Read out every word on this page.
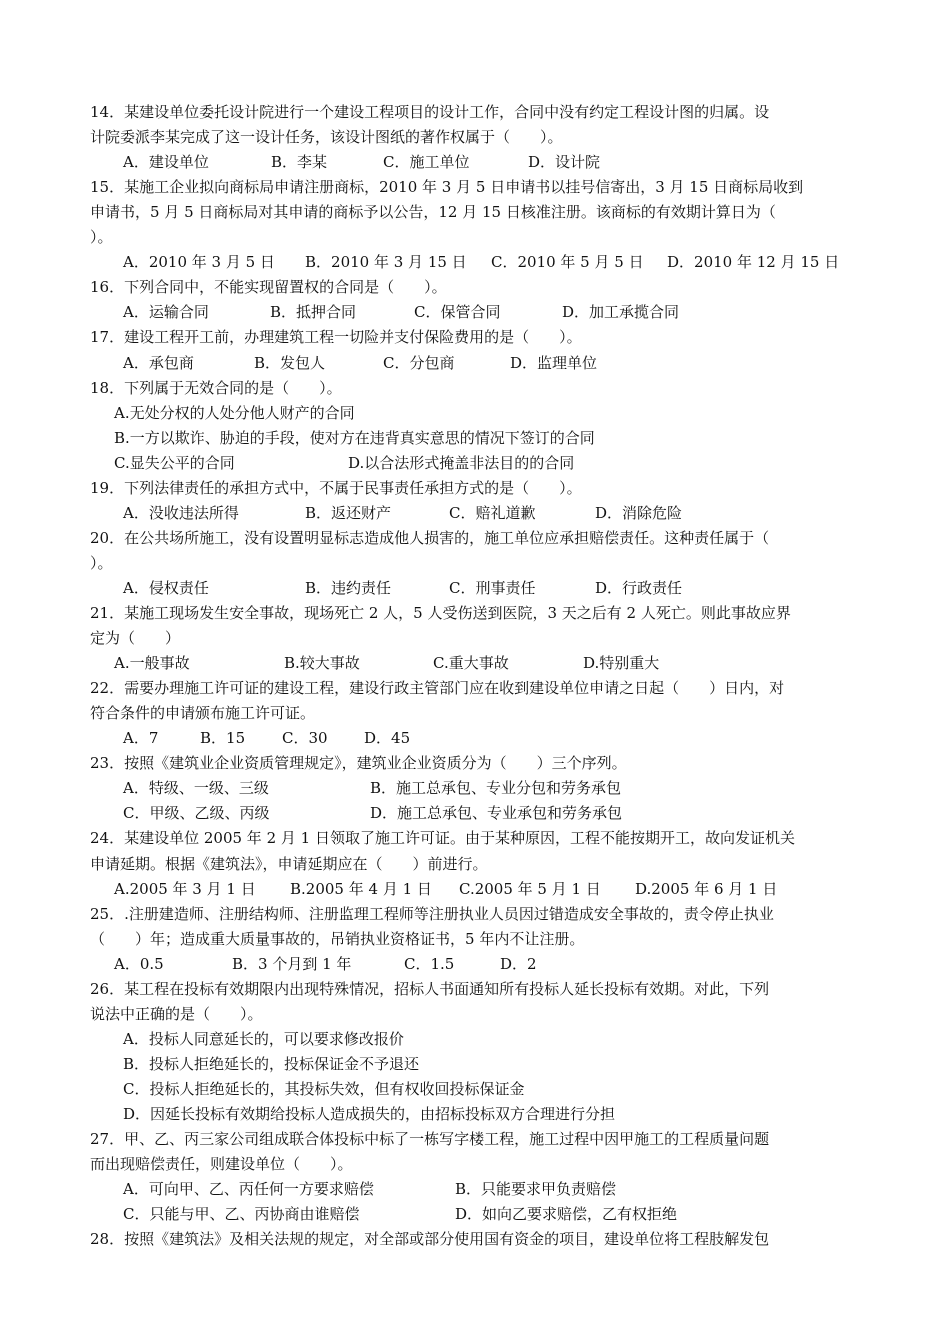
14．某建设单位委托设计院进行一个建设工程项目的设计工作，合同中没有约定工程设计图的归属。设
计院委派李某完成了这一设计任务，该设计图纸的著作权属于（　　）。
A．建设单位	B．李某	C．施工单位	D．设计院
15．某施工企业拟向商标局申请注册商标，2010 年 3 月 5 日申请书以挂号信寄出，3 月 15 日商标局收到
申请书，5 月 5 日商标局对其申请的商标予以公告，12 月 15 日核准注册。该商标的有效期计算日为（
）。
A．2010 年 3 月 5 日 B．2010 年 3 月 15 日 C．2010 年 5 月 5 日 D．2010 年 12 月 15 日
16．下列合同中，不能实现留置权的合同是（　　）。
A．运输合同	B．抵押合同	C．保管合同	D．加工承揽合同
17．建设工程开工前，办理建筑工程一切险并支付保险费用的是（　　）。
A．承包商	B．发包人	C．分包商	D．监理单位
18．下列属于无效合同的是（　　）。
A.无处分权的人处分他人财产的合同
B.一方以欺诈、胁迫的手段，使对方在违背真实意思的情况下签订的合同
C.显失公平的合同	D.以合法形式掩盖非法目的的合同
19．下列法律责任的承担方式中，不属于民事责任承担方式的是（　　）。
A．没收违法所得	B．返还财产	C．赔礼道歉	D．消除危险
20．在公共场所施工，没有设置明显标志造成他人损害的，施工单位应承担赔偿责任。这种责任属于（
）。
A．侵权责任	B．违约责任	C．刑事责任	D．行政责任
21．某施工现场发生安全事故，现场死亡 2 人，5 人受伤送到医院，3 天之后有 2 人死亡。则此事故应界
定为（　　）
A.一般事故	B.较大事故	C.重大事故	D.特别重大
22．需要办理施工许可证的建设工程，建设行政主管部门应在收到建设单位申请之日起（　　）日内，对
符合条件的申请颁布施工许可证。
A．7	B．15 C．30 D．45
23．按照《建筑业企业资质管理规定》，建筑业企业资质分为（　　）三个序列。
A．特级、一级、三级	B．施工总承包、专业分包和劳务承包
C．甲级、乙级、丙级	D．施工总承包、专业承包和劳务承包
24．某建设单位 2005 年 2 月 1 日领取了施工许可证。由于某种原因，工程不能按期开工，故向发证机关
申请延期。根据《建筑法》，申请延期应在（　　）前进行。
A.2005 年 3 月 1 日 B.2005 年 4 月 1 日 C.2005 年 5 月 1 日 D.2005 年 6 月 1 日
25．.注册建造师、注册结构师、注册监理工程师等注册执业人员因过错造成安全事故的，责令停止执业
（　　）年；造成重大质量事故的，吊销执业资格证书，5 年内不让注册。
A．0.5	B．3 个月到 1 年	C．1.5	D．2
26．某工程在投标有效期限内出现特殊情况，招标人书面通知所有投标人延长投标有效期。对此，下列
说法中正确的是（　　）。
A．投标人同意延长的，可以要求修改报价
B．投标人拒绝延长的，投标保证金不予退还
C．投标人拒绝延长的，其投标失效，但有权收回投标保证金
D．因延长投标有效期给投标人造成损失的，由招标投标双方合理进行分担
27．甲、乙、丙三家公司组成联合体投标中标了一栋写字楼工程，施工过程中因甲施工的工程质量问题
而出现赔偿责任，则建设单位（　　）。
A．可向甲、乙、丙任何一方要求赔偿	B．只能要求甲负责赔偿
C．只能与甲、乙、丙协商由谁赔偿	D．如向乙要求赔偿，乙有权拒绝
28．按照《建筑法》及相关法规的规定，对全部或部分使用国有资金的项目，建设单位将工程肢解发包
